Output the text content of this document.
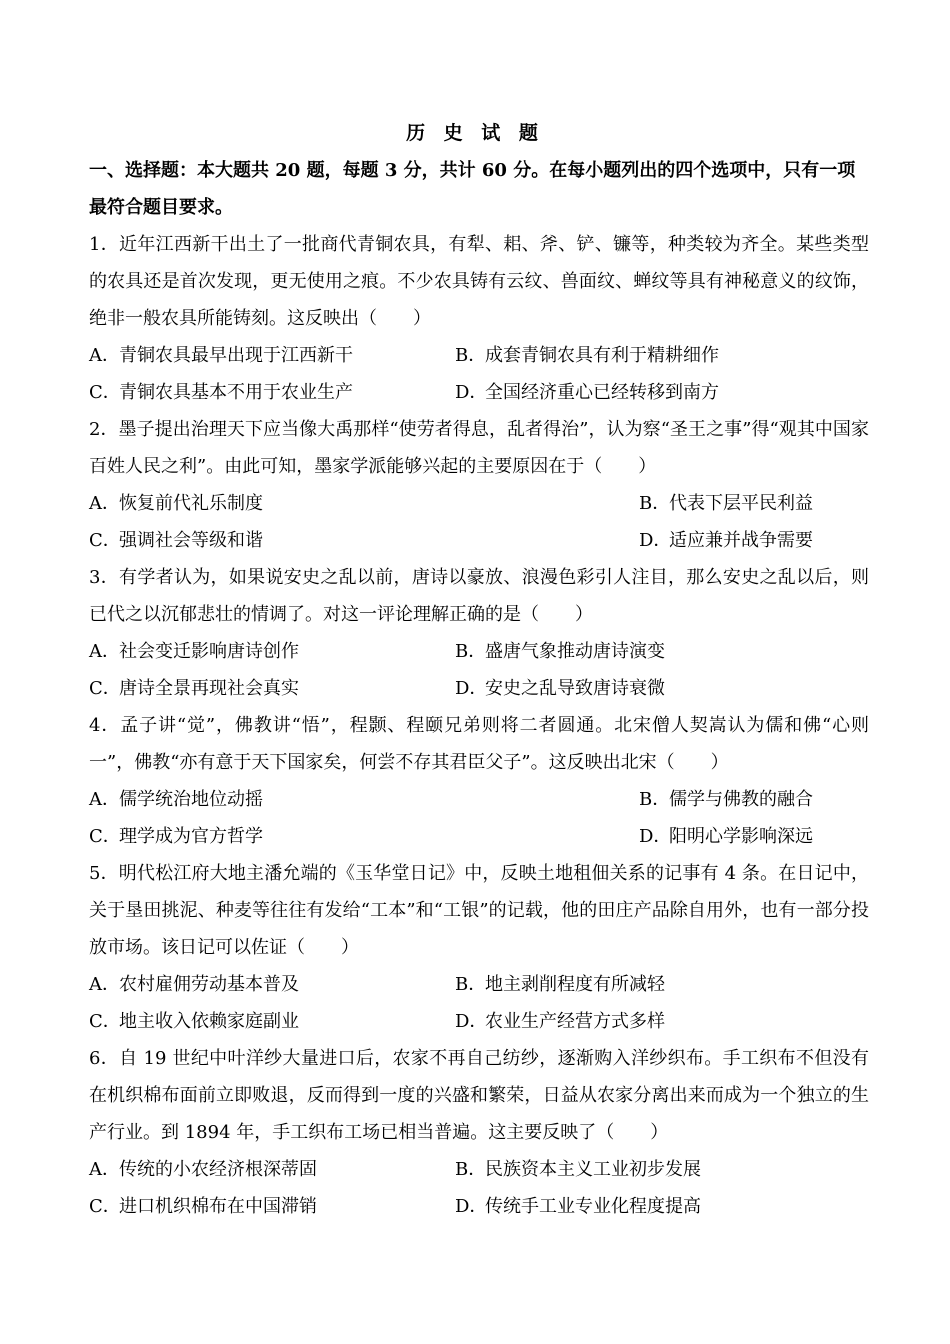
历 史 试 题
一、选择题：本大题共 20 题，每题 3 分，共计 60 分。在每小题列出的四个选项中，只有一项最符合题目要求。
1．近年江西新干出土了一批商代青铜农具，有犁、耜、斧、铲、镰等，种类较为齐全。某些类型的农具还是首次发现，更无使用之痕。不少农具铸有云纹、兽面纹、蝉纹等具有神秘意义的纹饰，绝非一般农具所能铸刻。这反映出（　　）
A．青铜农具最早出现于江西新干	B．成套青铜农具有利于精耕细作
C．青铜农具基本不用于农业生产	D．全国经济重心已经转移到南方
2．墨子提出治理天下应当像大禹那样“使劳者得息，乱者得治”，认为察“圣王之事”得“观其中国家百姓人民之利”。由此可知，墨家学派能够兴起的主要原因在于（　　）
A．恢复前代礼乐制度	B．代表下层平民利益
C．强调社会等级和谐	D．适应兼并战争需要
3．有学者认为，如果说安史之乱以前，唐诗以豪放、浪漫色彩引人注目，那么安史之乱以后，则已代之以沉郁悲壮的情调了。对这一评论理解正确的是（　　）
A．社会变迁影响唐诗创作	B．盛唐气象推动唐诗演变
C．唐诗全景再现社会真实	D．安史之乱导致唐诗衰微
4．孟子讲“觉”，佛教讲“悟”，程颢、程颐兄弟则将二者圆通。北宋僧人契嵩认为儒和佛“心则一”，佛教“亦有意于天下国家矣，何尝不存其君臣父子”。这反映出北宋（　　）
A．儒学统治地位动摇	B．儒学与佛教的融合
C．理学成为官方哲学	D．阳明心学影响深远
5．明代松江府大地主潘允端的《玉华堂日记》中，反映土地租佃关系的记事有 4 条。在日记中，关于垦田挑泥、种麦等往往有发给“工本”和“工银”的记载，他的田庄产品除自用外，也有一部分投放市场。该日记可以佐证（　　）
A．农村雇佣劳动基本普及	B．地主剥削程度有所减轻
C．地主收入依赖家庭副业	D．农业生产经营方式多样
6．自 19 世纪中叶洋纱大量进口后，农家不再自己纺纱，逐渐购入洋纱织布。手工织布不但没有在机织棉布面前立即败退，反而得到一度的兴盛和繁荣，日益从农家分离出来而成为一个独立的生产行业。到 1894 年，手工织布工场已相当普遍。这主要反映了（　　）
A．传统的小农经济根深蒂固	B．民族资本主义工业初步发展
C．进口机织棉布在中国滞销	D．传统手工业专业化程度提高
